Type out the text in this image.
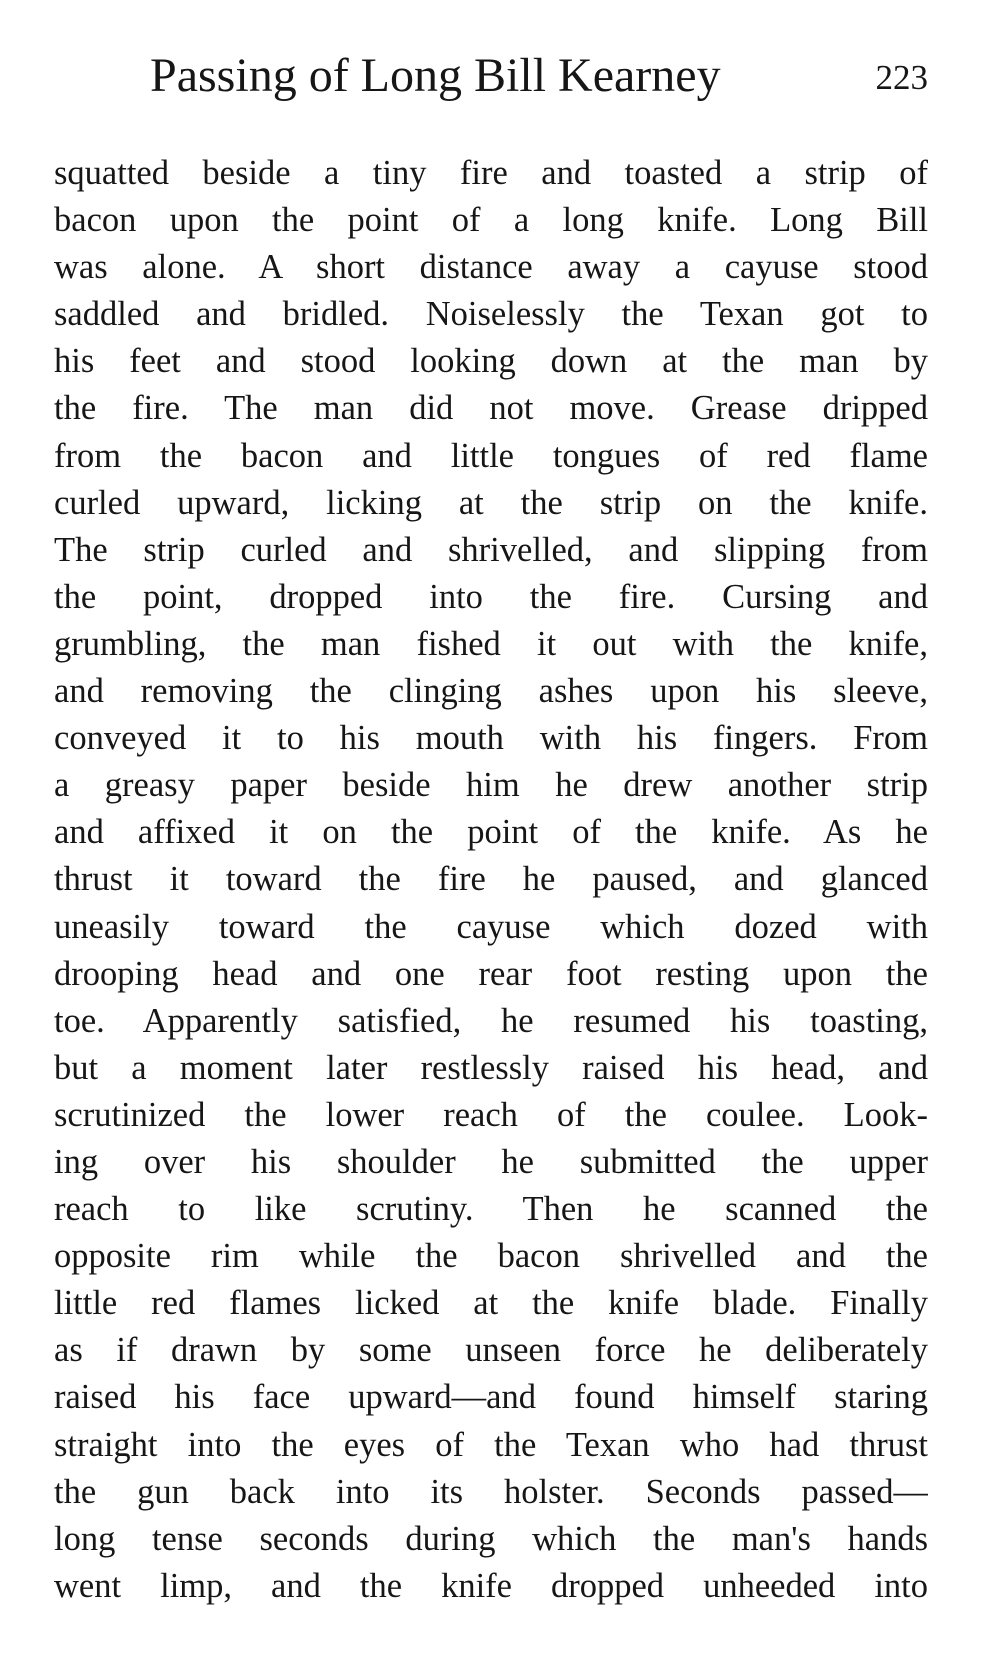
Passing of Long Bill Kearney	223
squatted beside a tiny fire and toasted a strip of
bacon upon the point of a long knife. Long Bill
was alone. A short distance away a cayuse stood
saddled and bridled. Noiselessly the Texan got to
his feet and stood looking down at the man by
the fire. The man did not move. Grease dripped
from the bacon and little tongues of red flame
curled upward, licking at the strip on the knife.
The strip curled and shrivelled, and slipping from
the point, dropped into the fire. Cursing and
grumbling, the man fished it out with the knife,
and removing the clinging ashes upon his sleeve,
conveyed it to his mouth with his fingers. From
a greasy paper beside him he drew another strip
and affixed it on the point of the knife. As he
thrust it toward the fire he paused, and glanced
uneasily toward the cayuse which dozed with
drooping head and one rear foot resting upon the
toe. Apparently satisfied, he resumed his toasting,
but a moment later restlessly raised his head, and
scrutinized the lower reach of the coulee. Look-
ing over his shoulder he submitted the upper
reach to like scrutiny. Then he scanned the
opposite rim while the bacon shrivelled and the
little red flames licked at the knife blade. Finally
as if drawn by some unseen force he deliberately
raised his face upward—and found himself staring
straight into the eyes of the Texan who had thrust
the gun back into its holster. Seconds passed—
long tense seconds during which the man's hands
went limp, and the knife dropped unheeded into
